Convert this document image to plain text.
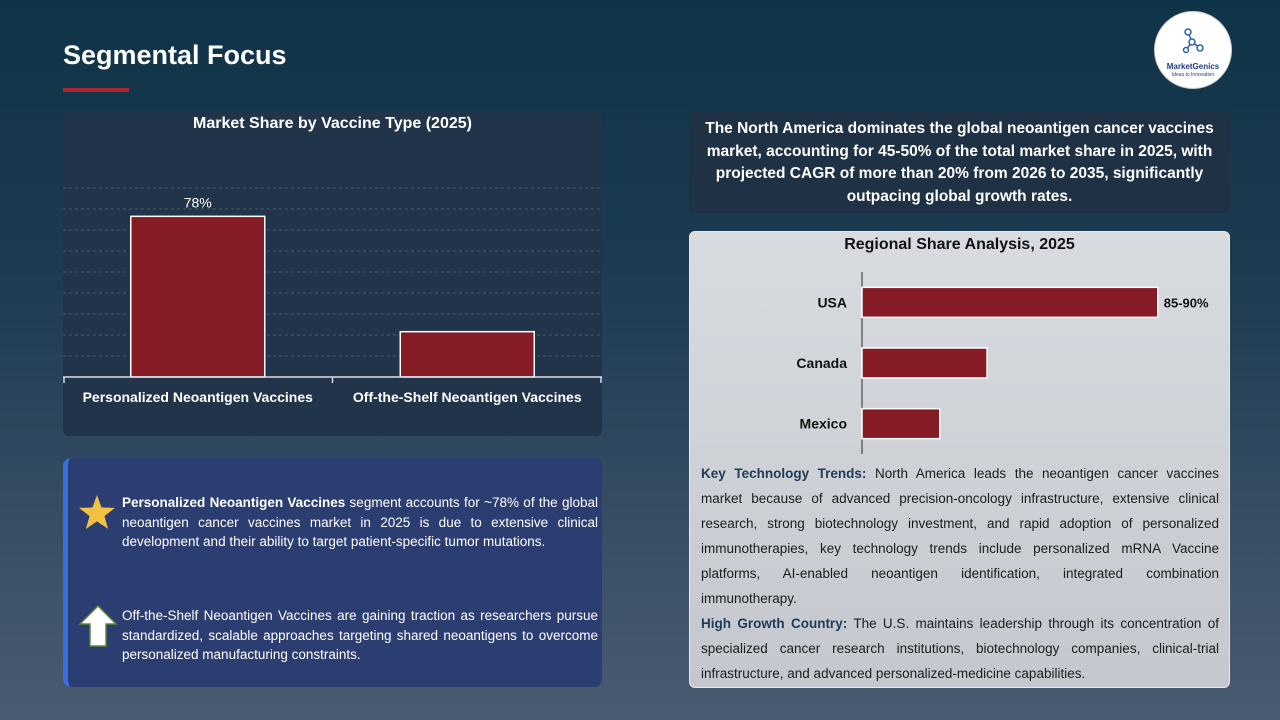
Segmental Focus	MarketGenics
Ideas to Innovation
Market Share by Vaccine Type (2025)
78%
Personalized Neoantigen Vaccines	Off-the-Shelf Neoantigen Vaccines
Personalized Neoantigen Vaccines segment accounts for ~78% of the global neoantigen cancer vaccines market in 2025 is due to extensive clinical development and their ability to target patient-specific tumor mutations.
Off-the-Shelf Neoantigen Vaccines are gaining traction as researchers pursue standardized, scalable approaches targeting shared neoantigens to overcome personalized manufacturing constraints.
The North America dominates the global neoantigen cancer vaccines market, accounting for 45-50% of the total market share in 2025, with projected CAGR of more than 20% from 2026 to 2035, significantly outpacing global growth rates.
Regional Share Analysis, 2025
USA	85-90%
Canada
Mexico
Key Technology Trends: North America leads the neoantigen cancer vaccines market because of advanced precision-oncology infrastructure, extensive clinical research, strong biotechnology investment, and rapid adoption of personalized immunotherapies, key technology trends include personalized mRNA Vaccine platforms, AI-enabled neoantigen identification, integrated combination immunotherapy.
High Growth Country: The U.S. maintains leadership through its concentration of specialized cancer research institutions, biotechnology companies, clinical-trial infrastructure, and advanced personalized-medicine capabilities.
